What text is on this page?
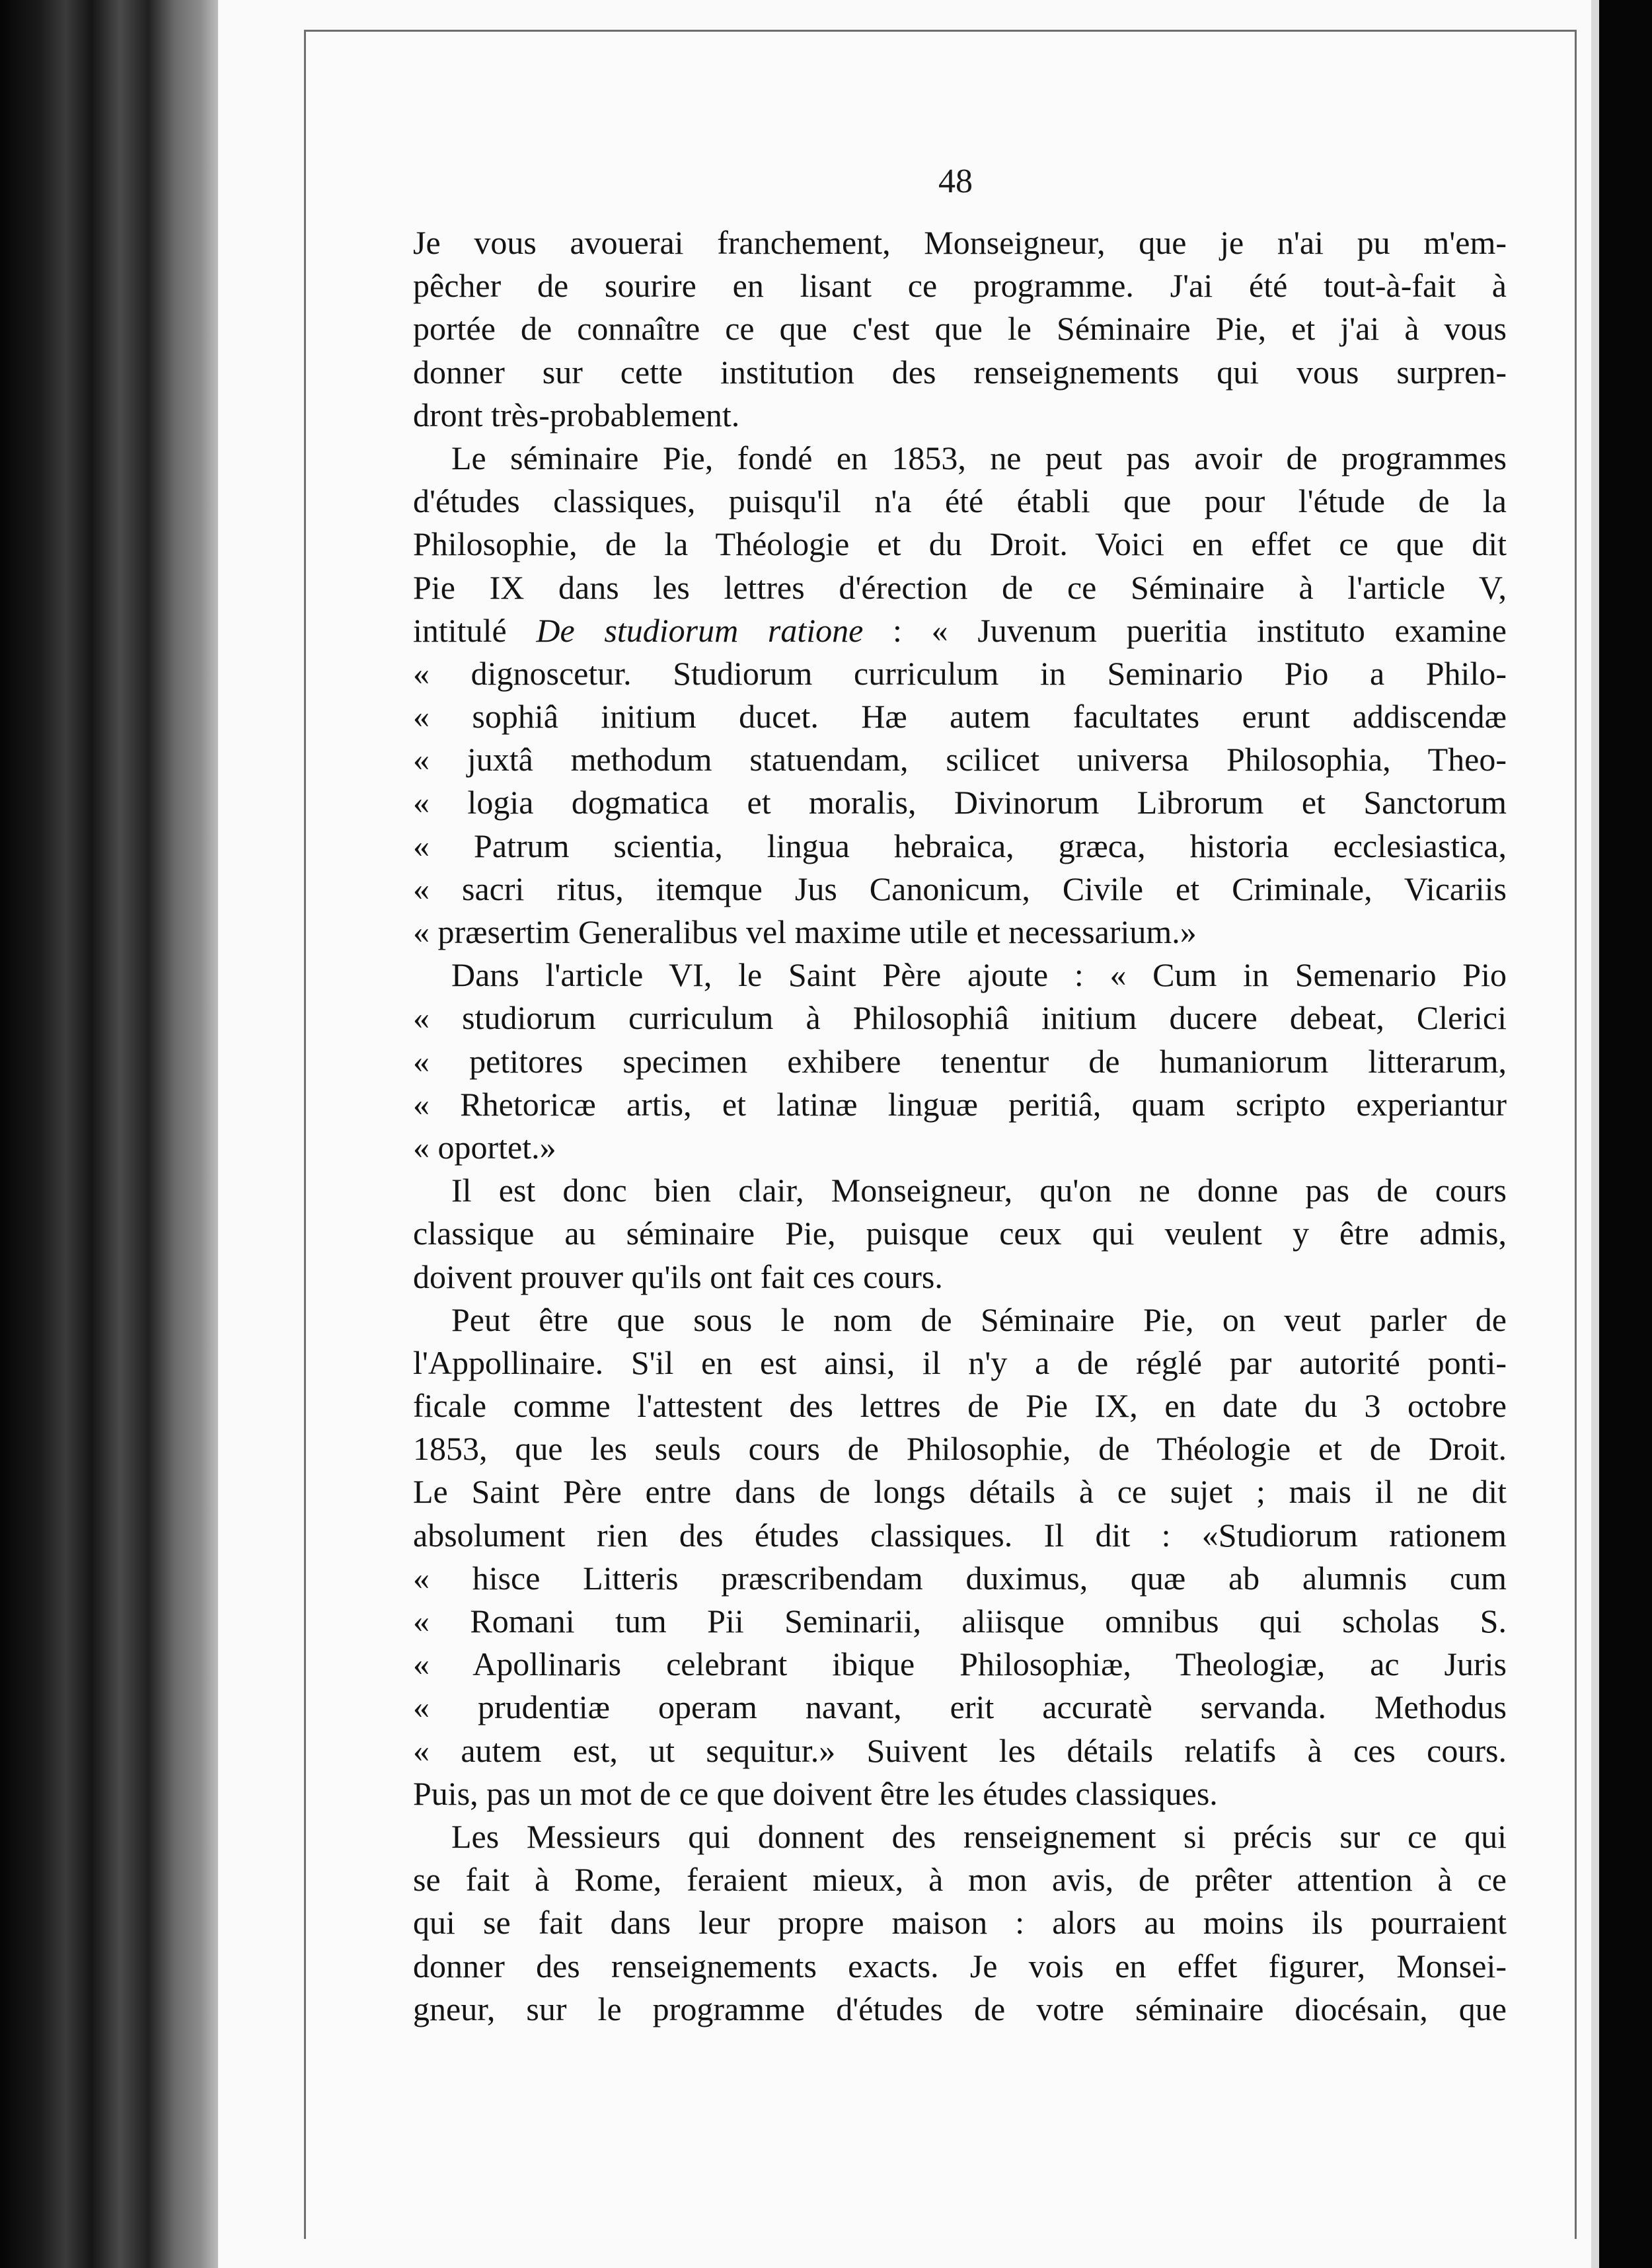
48
Je vous avouerai franchement, Monseigneur, que je n'ai pu m'em-
pêcher de sourire en lisant ce programme. J'ai été tout-à-fait à
portée de connaître ce que c'est que le Séminaire Pie, et j'ai à vous
donner sur cette institution des renseignements qui vous surpren-
dront très-probablement.
Le séminaire Pie, fondé en 1853, ne peut pas avoir de programmes
d'études classiques, puisqu'il n'a été établi que pour l'étude de la
Philosophie, de la Théologie et du Droit. Voici en effet ce que dit
Pie IX dans les lettres d'érection de ce Séminaire à l'article V,
intitulé De studiorum ratione : « Juvenum pueritia instituto examine
« dignoscetur. Studiorum curriculum in Seminario Pio a Philo-
« sophiâ initium ducet. Hæ autem facultates erunt addiscendæ
« juxtâ methodum statuendam, scilicet universa Philosophia, Theo-
« logia dogmatica et moralis, Divinorum Librorum et Sanctorum
« Patrum scientia, lingua hebraica, græca, historia ecclesiastica,
« sacri ritus, itemque Jus Canonicum, Civile et Criminale, Vicariis
« præsertim Generalibus vel maxime utile et necessarium.»
Dans l'article VI, le Saint Père ajoute : « Cum in Semenario Pio
« studiorum curriculum à Philosophiâ initium ducere debeat, Clerici
« petitores specimen exhibere tenentur de humaniorum litterarum,
« Rhetoricæ artis, et latinæ linguæ peritiâ, quam scripto experiantur
« oportet.»
Il est donc bien clair, Monseigneur, qu'on ne donne pas de cours
classique au séminaire Pie, puisque ceux qui veulent y être admis,
doivent prouver qu'ils ont fait ces cours.
Peut être que sous le nom de Séminaire Pie, on veut parler de
l'Appollinaire. S'il en est ainsi, il n'y a de réglé par autorité ponti-
ficale comme l'attestent des lettres de Pie IX, en date du 3 octobre
1853, que les seuls cours de Philosophie, de Théologie et de Droit.
Le Saint Père entre dans de longs détails à ce sujet ; mais il ne dit
absolument rien des études classiques. Il dit : «Studiorum rationem
« hisce Litteris præscribendam duximus, quæ ab alumnis cum
« Romani tum Pii Seminarii, aliisque omnibus qui scholas S.
« Apollinaris celebrant ibique Philosophiæ, Theologiæ, ac Juris
« prudentiæ operam navant, erit accuratè servanda. Methodus
« autem est, ut sequitur.» Suivent les détails relatifs à ces cours.
Puis, pas un mot de ce que doivent être les études classiques.
Les Messieurs qui donnent des renseignement si précis sur ce qui
se fait à Rome, feraient mieux, à mon avis, de prêter attention à ce
qui se fait dans leur propre maison : alors au moins ils pourraient
donner des renseignements exacts. Je vois en effet figurer, Monsei-
gneur, sur le programme d'études de votre séminaire diocésain, que
